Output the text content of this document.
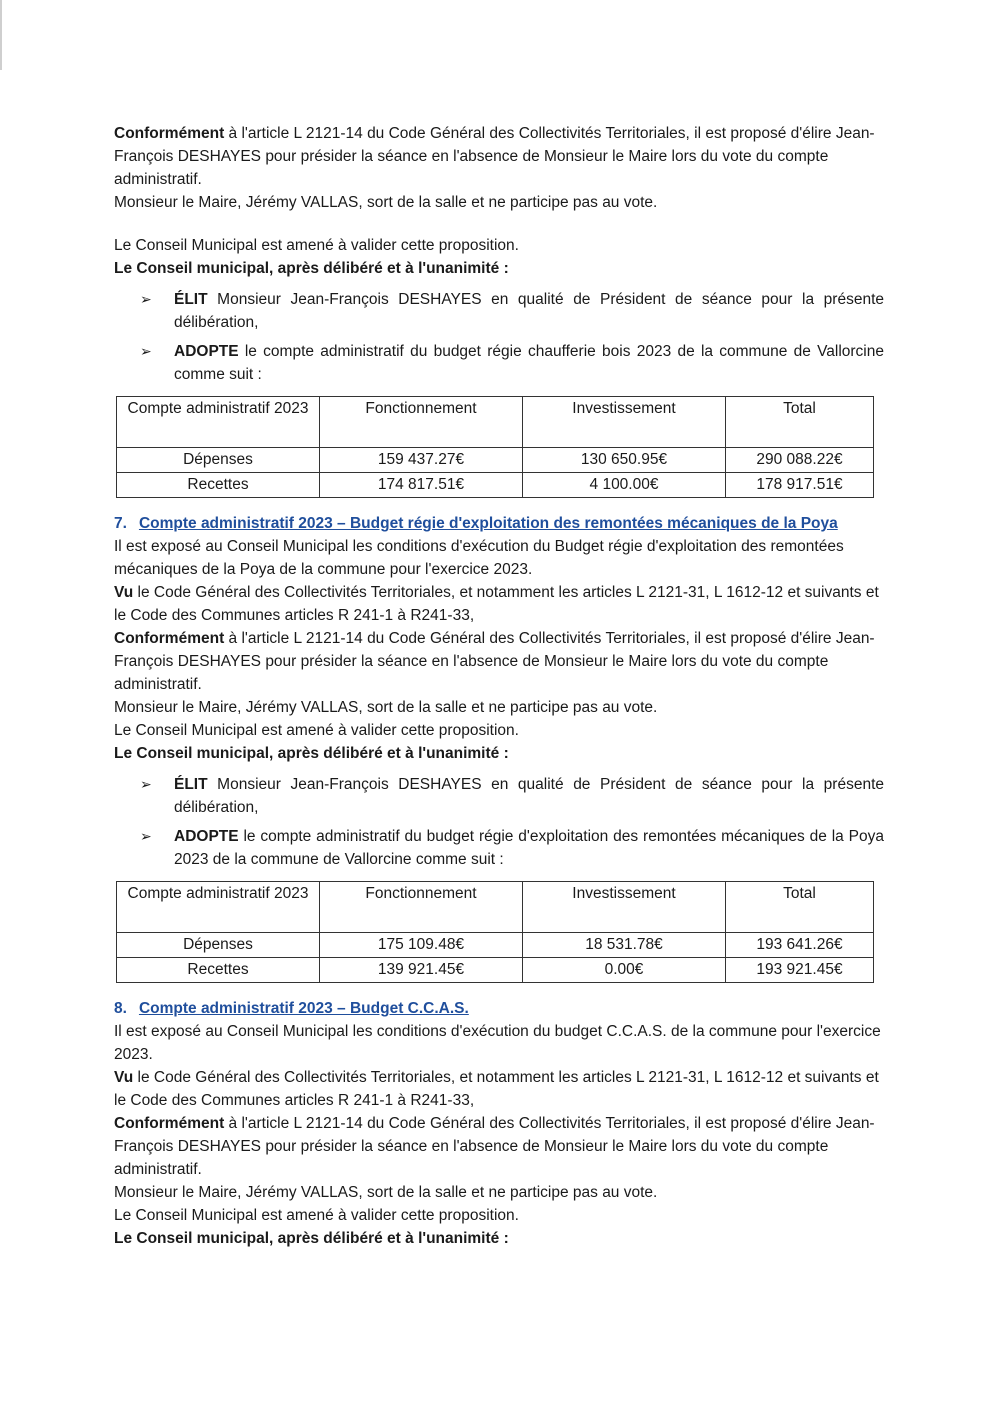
Conformément à l'article L 2121-14 du Code Général des Collectivités Territoriales, il est proposé d'élire Jean-François DESHAYES pour présider la séance en l'absence de Monsieur le Maire lors du vote du compte administratif.

Monsieur le Maire, Jérémy VALLAS, sort de la salle et ne participe pas au vote.

Le Conseil Municipal est amené à valider cette proposition.

Le Conseil municipal, après délibéré et à l'unanimité :

➢ ÉLIT Monsieur Jean-François DESHAYES en qualité de Président de séance pour la présente délibération,
➢ ADOPTE le compte administratif du budget régie chaufferie bois 2023 de la commune de Vallorcine comme suit :
Compte administratif 2023	Fonctionnement	Investissement	Total
Dépenses	159 437.27€	130 650.95€	290 088.22€
Recettes	174 817.51€	4 100.00€	178 917.51€

7. Compte administratif 2023 – Budget régie d'exploitation des remontées mécaniques de la Poya

Il est exposé au Conseil Municipal les conditions d'exécution du Budget régie d'exploitation des remontées mécaniques de la Poya de la commune pour l'exercice 2023.

Vu le Code Général des Collectivités Territoriales, et notamment les articles L 2121-31, L 1612-12 et suivants et le Code des Communes articles R 241-1 à R241-33,

Conformément à l'article L 2121-14 du Code Général des Collectivités Territoriales, il est proposé d'élire Jean-François DESHAYES pour présider la séance en l'absence de Monsieur le Maire lors du vote du compte administratif.

Monsieur le Maire, Jérémy VALLAS, sort de la salle et ne participe pas au vote.

Le Conseil Municipal est amené à valider cette proposition.

Le Conseil municipal, après délibéré et à l'unanimité :

➢ ÉLIT Monsieur Jean-François DESHAYES en qualité de Président de séance pour la présente délibération,
➢ ADOPTE le compte administratif du budget régie d'exploitation des remontées mécaniques de la Poya 2023 de la commune de Vallorcine comme suit :
Compte administratif 2023	Fonctionnement	Investissement	Total
Dépenses	175 109.48€	18 531.78€	193 641.26€
Recettes	139 921.45€	0.00€	193 921.45€

8. Compte administratif 2023 – Budget C.C.A.S.

Il est exposé au Conseil Municipal les conditions d'exécution du budget C.C.A.S. de la commune pour l'exercice 2023.

Vu le Code Général des Collectivités Territoriales, et notamment les articles L 2121-31, L 1612-12 et suivants et le Code des Communes articles R 241-1 à R241-33,

Conformément à l'article L 2121-14 du Code Général des Collectivités Territoriales, il est proposé d'élire Jean-François DESHAYES pour présider la séance en l'absence de Monsieur le Maire lors du vote du compte administratif.

Monsieur le Maire, Jérémy VALLAS, sort de la salle et ne participe pas au vote.

Le Conseil Municipal est amené à valider cette proposition.

Le Conseil municipal, après délibéré et à l'unanimité :
